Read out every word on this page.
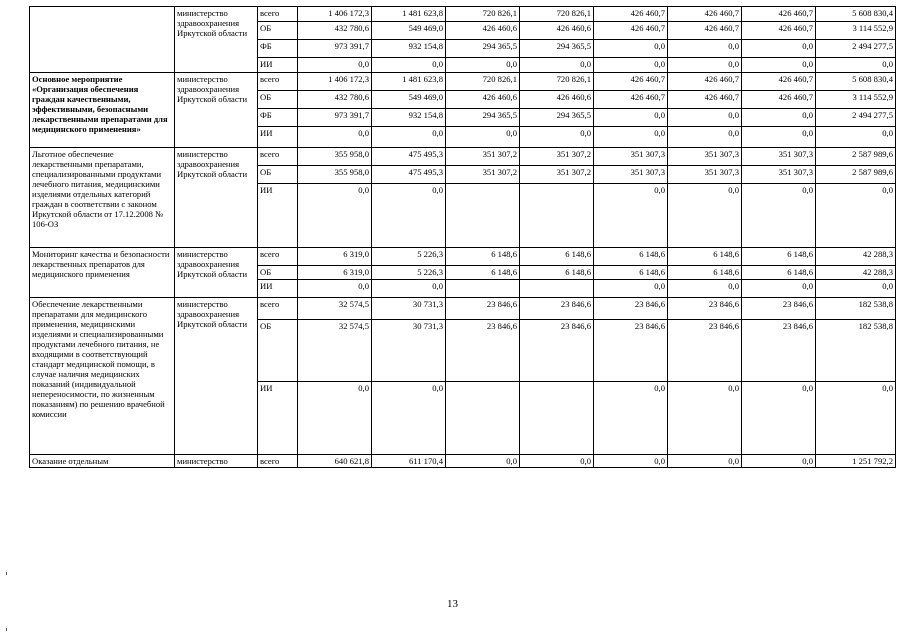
	министерство здравоохранения Иркутской области	всего	1 406 172,3	1 481 623,8	720 826,1	720 826,1	426 460,7	426 460,7	426 460,7	5 608 830,4
		ОБ	432 780,6	549 469,0	426 460,6	426 460,6	426 460,7	426 460,7	426 460,7	3 114 552,9
		ФБ	973 391,7	932 154,8	294 365,5	294 365,5	0,0	0,0	0,0	2 494 277,5
		ИИ	0,0	0,0	0,0	0,0	0,0	0,0	0,0	0,0
Основное мероприятие «Организация обеспечения граждан качественными, эффективными, безопасными лекарственными препаратами для медицинского применения»	министерство здравоохранения Иркутской области	всего	1 406 172,3	1 481 623,8	720 826,1	720 826,1	426 460,7	426 460,7	426 460,7	5 608 830,4
		ОБ	432 780,6	549 469,0	426 460,6	426 460,6	426 460,7	426 460,7	426 460,7	3 114 552,9
		ФБ	973 391,7	932 154,8	294 365,5	294 365,5	0,0	0,0	0,0	2 494 277,5
		ИИ	0,0	0,0	0,0	0,0	0,0	0,0	0,0	0,0
Льготное обеспечение лекарственными препаратами, специализированными продуктами лечебного питания, медицинскими изделиями отдельных категорий граждан в соответствии с законом Иркутской области от 17.12.2008 № 106-ОЗ	министерство здравоохранения Иркутской области	всего	355 958,0	475 495,3	351 307,2	351 307,2	351 307,3	351 307,3	351 307,3	2 587 989,6
		ОБ	355 958,0	475 495,3	351 307,2	351 307,2	351 307,3	351 307,3	351 307,3	2 587 989,6
		ИИ	0,0	0,0			0,0	0,0	0,0	0,0
Мониторинг качества и безопасности лекарственных препаратов для медицинского применения	министерство здравоохранения Иркутской области	всего	6 319,0	5 226,3	6 148,6	6 148,6	6 148,6	6 148,6	6 148,6	42 288,3
		ОБ	6 319,0	5 226,3	6 148,6	6 148,6	6 148,6	6 148,6	6 148,6	42 288,3
		ИИ	0,0	0,0			0,0	0,0	0,0	0,0
Обеспечение лекарственными препаратами для медицинского применения, медицинскими изделиями и специализированными продуктами лечебного питания, не входящими в соответствующий стандарт медицинской помощи, в случае наличия медицинских показаний (индивидуальной непереносимости, по жизненным показаниям) по решению врачебной комиссии	министерство здравоохранения Иркутской области	всего	32 574,5	30 731,3	23 846,6	23 846,6	23 846,6	23 846,6	23 846,6	182 538,8
		ОБ	32 574,5	30 731,3	23 846,6	23 846,6	23 846,6	23 846,6	23 846,6	182 538,8
		ИИ	0,0	0,0			0,0	0,0	0,0	0,0
Оказание отдельным	министерство	всего	640 621,8	611 170,4	0,0	0,0	0,0	0,0	0,0	1 251 792,2
13
